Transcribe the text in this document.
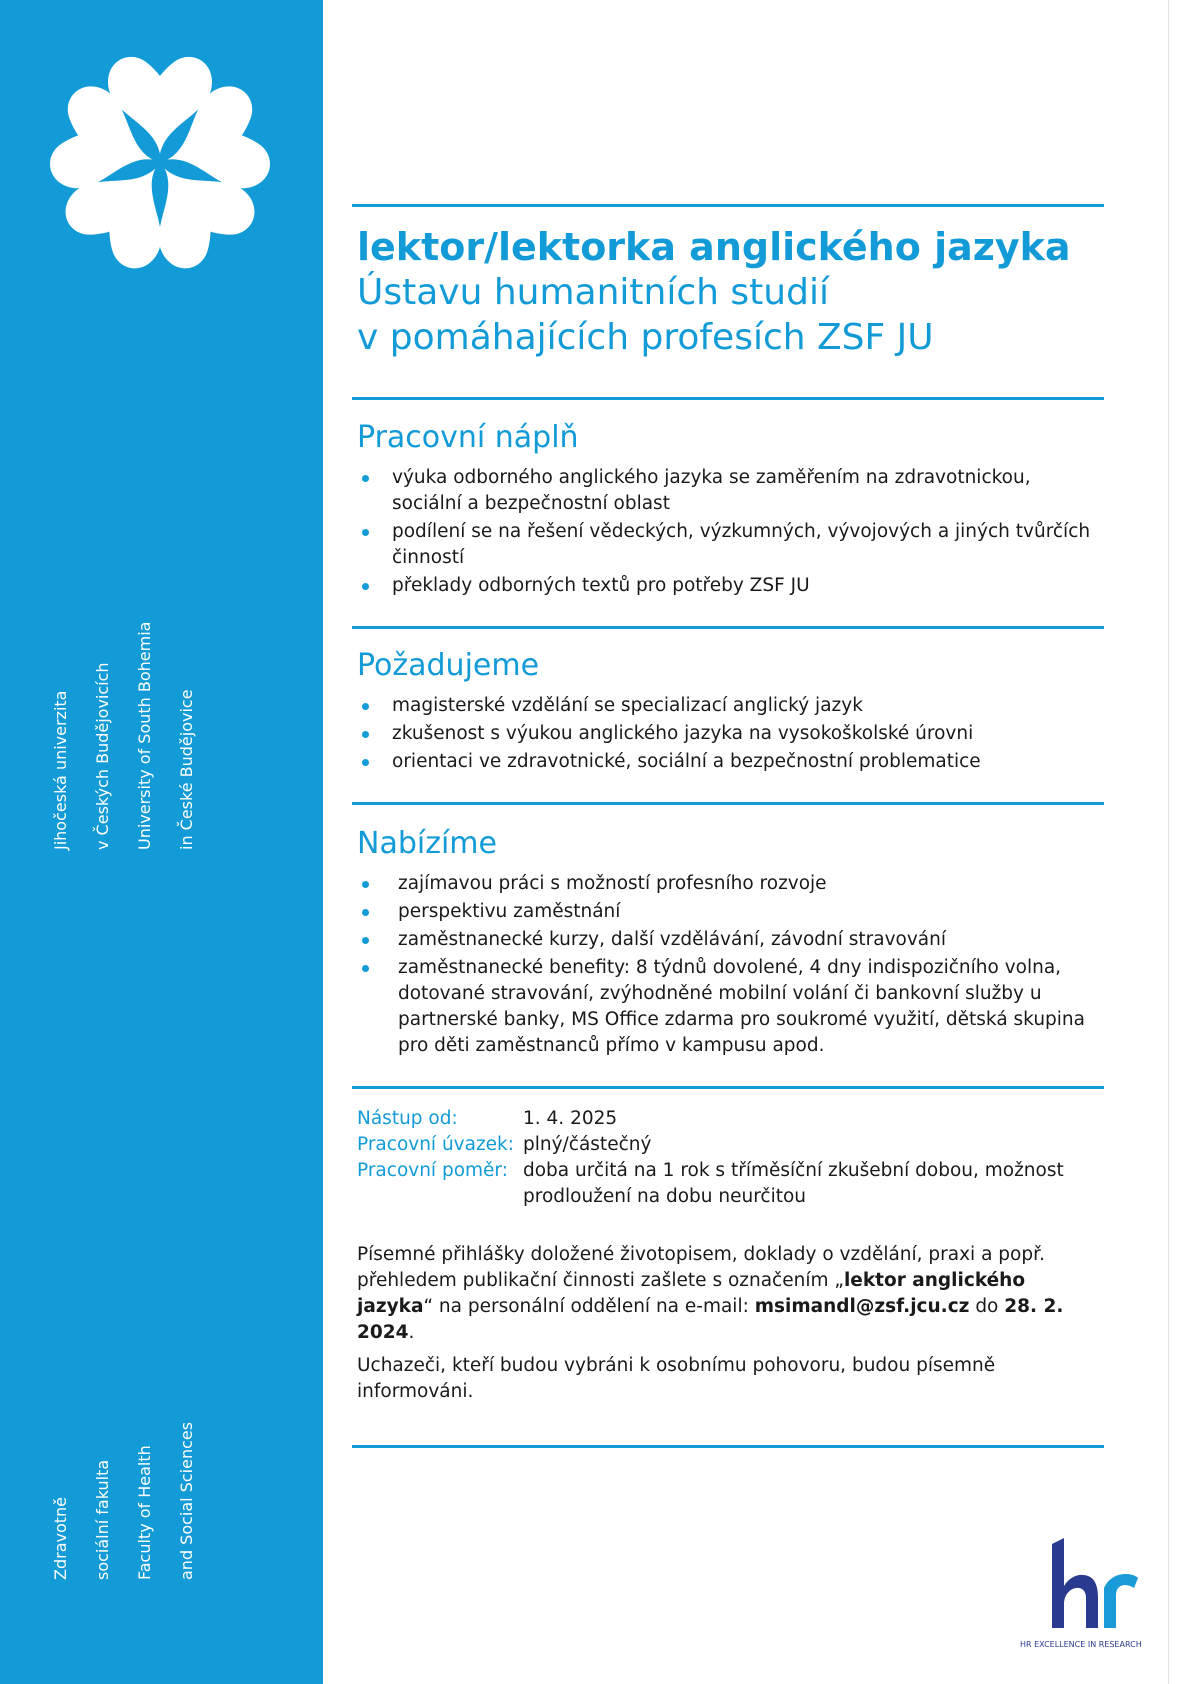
Zdravotně	sociální fakulta	Faculty of Health	and Social Sciences
Jihočeská univerzita	v Českých Budějovicích	University of South Bohemia	in České Budějovice
lektor/lektorka anglického jazyka
Ústavu humanitních studií
v pomáhajících profesích ZSF JU
Pracovní náplň
výuka odborného anglického jazyka se zaměřením na zdravotnickou, sociální a bezpečnostní oblast
podílení se na řešení vědeckých, výzkumných, vývojových a jiných tvůrčích činností
překlady odborných textů pro potřeby ZSF JU
Požadujeme
magisterské vzdělání se specializací anglický jazyk
zkušenost s výukou anglického jazyka na vysokoškolské úrovni
orientaci ve zdravotnické, sociální a bezpečnostní problematice
Nabízíme
zajímavou práci s možností profesního rozvoje
perspektivu zaměstnání
zaměstnanecké kurzy, další vzdělávání, závodní stravování
zaměstnanecké benefity: 8 týdnů dovolené, 4 dny indispozičního volna, dotované stravování, zvýhodněné mobilní volání či bankovní služby u partnerské banky, MS Office zdarma pro soukromé využití, dětská skupina pro děti zaměstnanců přímo v kampusu apod.
Nástup od:	1. 4. 2025
Pracovní úvazek: plný/částečný
Pracovní poměr: doba určitá na 1 rok s tříměsíční zkušební dobou, možnost prodloužení na dobu neurčitou

Písemné přihlášky doložené životopisem, doklady o vzdělání, praxi a popř. přehledem publikační činnosti zašlete s označením „lektor anglického jazyka“ na personální oddělení na e-mail: msimandl@zsf.jcu.cz do 28. 2. 2024.

Uchazeči, kteří budou vybráni k osobnímu pohovoru, budou písemně informováni.

HR EXCELLENCE IN RESEARCH
